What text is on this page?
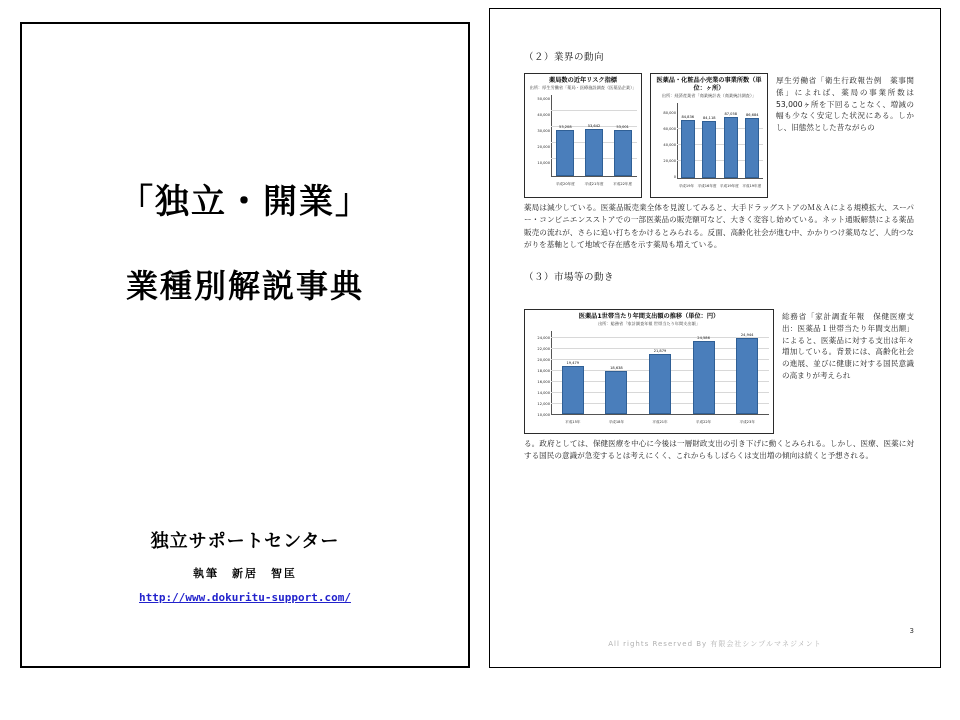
「独立・開業」
業種別解説事典
独立サポートセンター
執筆　新居　智匡
http://www.dokuritu-support.com/
（２）業界の動向
薬局数の近年リスク指標
出所：厚生労働省「薬局・医療施設調査（医薬品企業）」
50,000
40,000
30,000
20,000
10,000
53,208	53,642	53,001
平成20年度	平成21年度	平成22年度
医薬品・化粧品小売業の事業所数（単位：ヶ所）
出所：経済産業省「商業統計表（商業統計調査）」
80,000
60,000
40,000
20,000
0
84,836 84,118
87,058 86,684
平成19年 平成16年度 平成19年度 平成19年度
厚生労働省「衛生行政報告例　薬事関係」によれば、薬局の事業所数は53,000ヶ所を下回ることなく、増減の幅も少なく安定した状況にある。しかし、旧態然とした昔ながらの
薬局は減少している。医薬品販売業全体を見渡してみると、大手ドラッグストアのＭ＆Ａによる規模拡大、スーパー・コンビニエンスストアでの一部医薬品の販売額可など、大きく変容し始めている。ネット通販解禁による薬品販売の流れが、さらに追い打ちをかけるとみられる。反面、高齢化社会が進む中、かかりつけ薬局など、人的つながりを基軸として地域で存在感を示す薬局も増えている。
（３）市場等の動き
医薬品1世帯当たり年間支出額の推移（単位：円）
出所：総務省「家計調査年報 世帯当たり年間支出額」
24,000
22,000
20,000
18,000
16,000
14,000
12,000
10,000
19,479
18,638
21,879
24,586
24,944
平成15年	平成18年	平成21年	平成22年	平成23年
総務省「家計調査年報　保健医療支出：医薬品１世帯当たり年間支出額」によると、医薬品に対する支出は年々増加している。背景には、高齢化社会の進展、並びに健康に対する国民意識の高まりが考えられ
る。政府としては、保健医療を中心に今後は一層財政支出の引き下げに動くとみられる。しかし、医療、医薬に対する国民の意識が急変するとは考えにくく、これからもしばらくは支出増の傾向は続くと予想される。
3
All rights Reserved By 有限会社シンプルマネジメント
